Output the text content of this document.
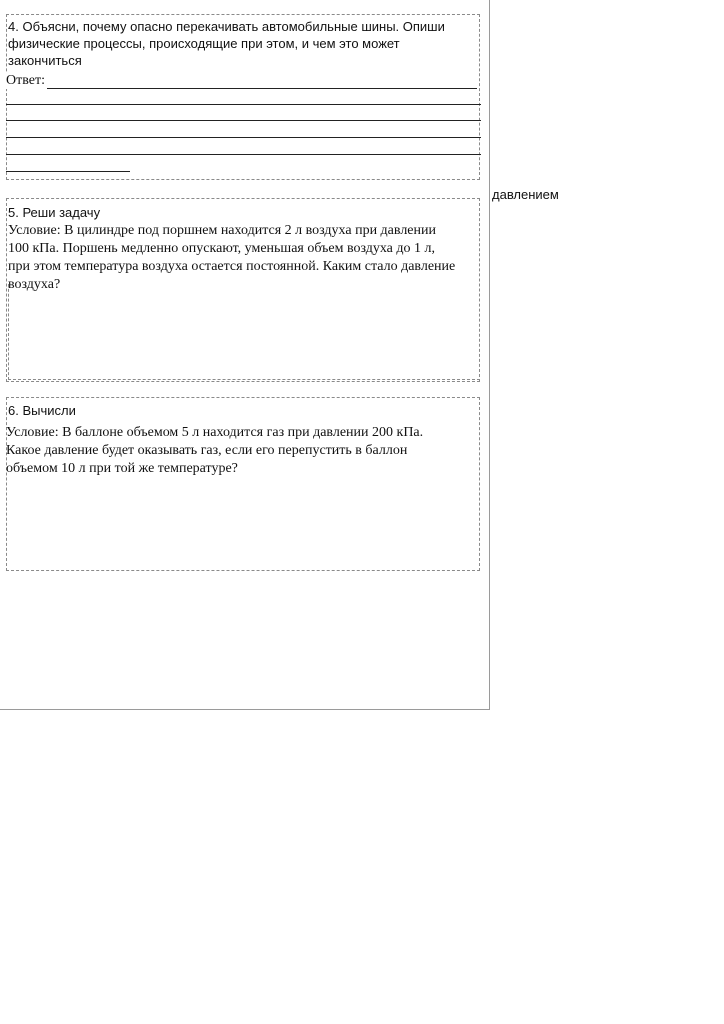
4. Объясни, почему опасно перекачивать автомобильные шины. Опиши
физические процессы, происходящие при этом, и чем это может
закончиться
Ответ:
давлением
5. Реши задачу
Условие: В цилиндре под поршнем находится 2 л воздуха при давлении
100 кПа. Поршень медленно опускают, уменьшая объем воздуха до 1 л,
при этом температура воздуха остается постоянной. Каким стало давление
воздуха?
6. Вычисли
Условие: В баллоне объемом 5 л находится газ при давлении 200 кПа.
Какое давление будет оказывать газ, если его перепустить в баллон
объемом 10 л при той же температуре?
